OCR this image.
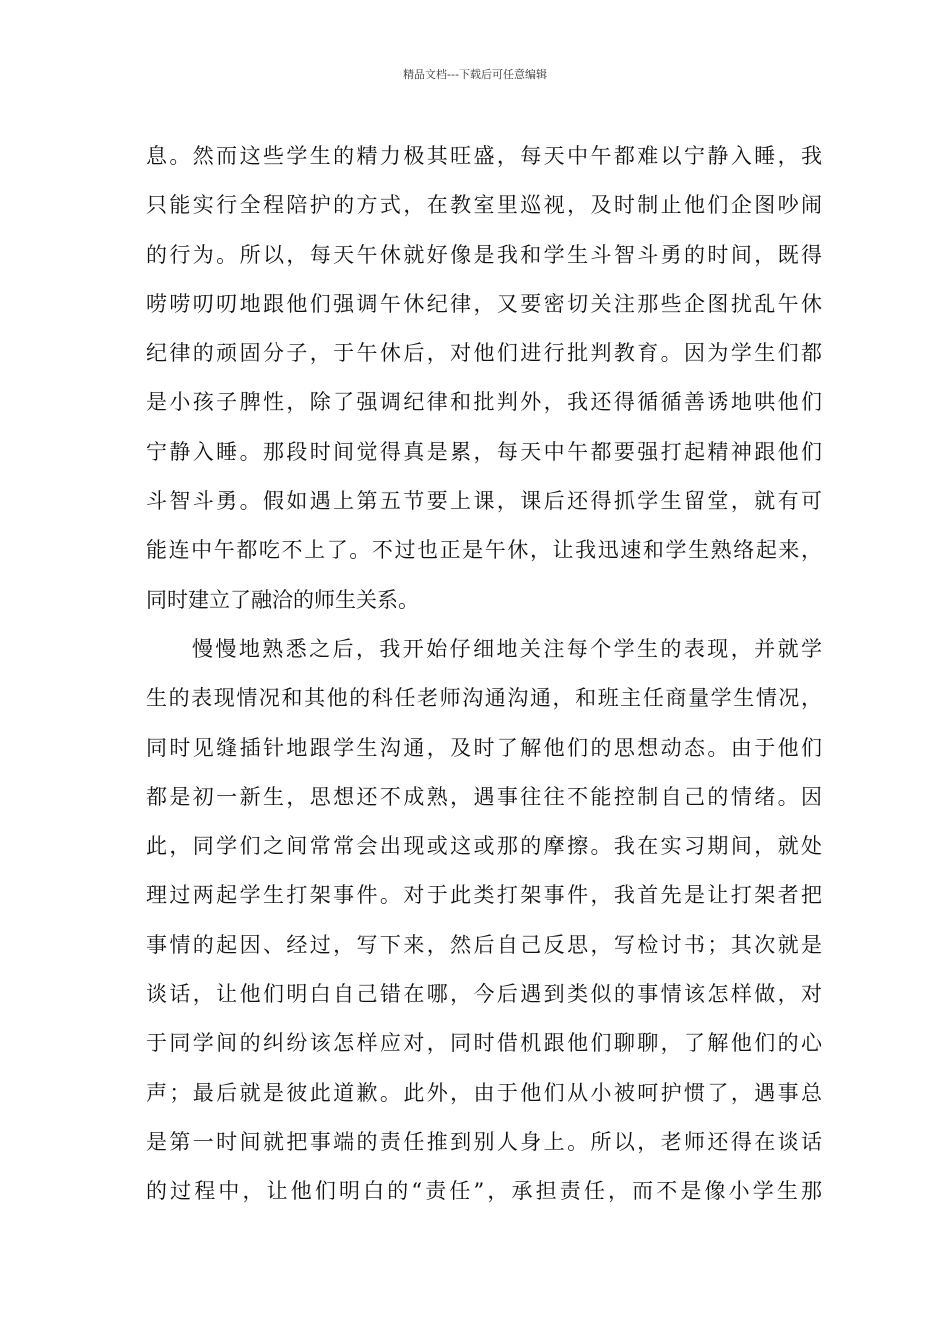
精品文档---下载后可任意编辑
息。然而这些学生的精力极其旺盛，每天中午都难以宁静入睡，我
只能实行全程陪护的方式，在教室里巡视，及时制止他们企图吵闹
的行为。所以，每天午休就好像是我和学生斗智斗勇的时间，既得
唠唠叨叨地跟他们强调午休纪律，又要密切关注那些企图扰乱午休
纪律的顽固分子，于午休后，对他们进行批判教育。因为学生们都
是小孩子脾性，除了强调纪律和批判外，我还得循循善诱地哄他们
宁静入睡。那段时间觉得真是累，每天中午都要强打起精神跟他们
斗智斗勇。假如遇上第五节要上课，课后还得抓学生留堂，就有可
能连中午都吃不上了。不过也正是午休，让我迅速和学生熟络起来，
同时建立了融洽的师生关系。
慢慢地熟悉之后，我开始仔细地关注每个学生的表现，并就学
生的表现情况和其他的科任老师沟通沟通，和班主任商量学生情况，
同时见缝插针地跟学生沟通，及时了解他们的思想动态。由于他们
都是初一新生，思想还不成熟，遇事往往不能控制自己的情绪。因
此，同学们之间常常会出现或这或那的摩擦。我在实习期间，就处
理过两起学生打架事件。对于此类打架事件，我首先是让打架者把
事情的起因、经过，写下来，然后自己反思，写检讨书；其次就是
谈话，让他们明白自己错在哪，今后遇到类似的事情该怎样做，对
于同学间的纠纷该怎样应对，同时借机跟他们聊聊，了解他们的心
声；最后就是彼此道歉。此外，由于他们从小被呵护惯了，遇事总
是第一时间就把事端的责任推到别人身上。所以，老师还得在谈话
的过程中，让他们明白的“责任”，承担责任，而不是像小学生那
